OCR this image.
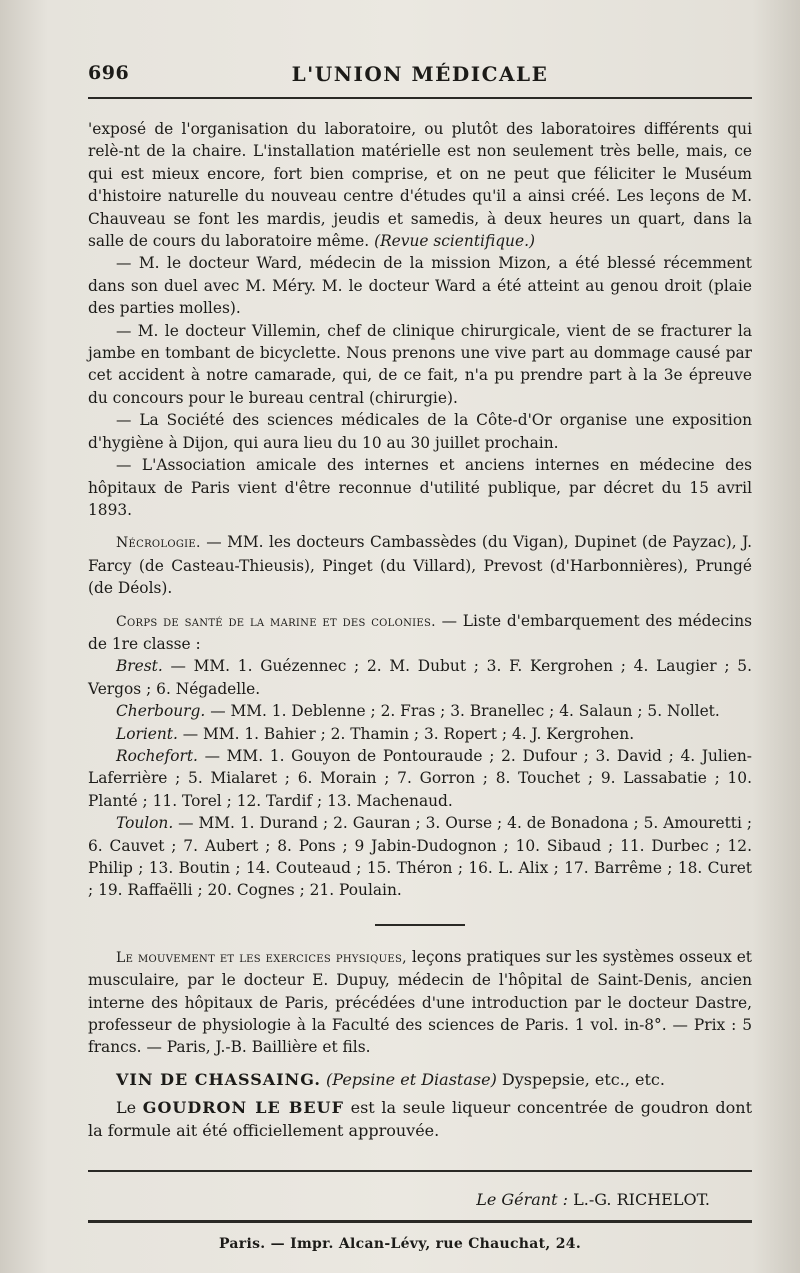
696	L'UNION MÉDICALE

'exposé de l'organisation du laboratoire, ou plutôt des laboratoires différents qui relè-nt de la chaire. L'installation matérielle est non seulement très belle, mais, ce qui est mieux encore, fort bien comprise, et on ne peut que féliciter le Muséum d'histoire naturelle du nouveau centre d'études qu'il a ainsi créé. Les leçons de M. Chauveau se font les mardis, jeudis et samedis, à deux heures un quart, dans la salle de cours du laboratoire même. (Revue scientifique.)

— M. le docteur Ward, médecin de la mission Mizon, a été blessé récemment dans son duel avec M. Méry. M. le docteur Ward a été atteint au genou droit (plaie des parties molles).

— M. le docteur Villemin, chef de clinique chirurgicale, vient de se fracturer la jambe en tombant de bicyclette. Nous prenons une vive part au dommage causé par cet accident à notre camarade, qui, de ce fait, n'a pu prendre part à la 3e épreuve du concours pour le bureau central (chirurgie).

— La Société des sciences médicales de la Côte-d'Or organise une exposition d'hygiène à Dijon, qui aura lieu du 10 au 30 juillet prochain.

— L'Association amicale des internes et anciens internes en médecine des hôpitaux de Paris vient d'être reconnue d'utilité publique, par décret du 15 avril 1893.

Nécrologie. — MM. les docteurs Cambassèdes (du Vigan), Dupinet (de Payzac), J. Farcy (de Casteau-Thieusis), Pinget (du Villard), Prevost (d'Harbonnières), Prungé (de Déols).

Corps de santé de la marine et des colonies. — Liste d'embarquement des médecins de 1re classe :

Brest. — MM. 1. Guézennec ; 2. M. Dubut ; 3. F. Kergrohen ; 4. Laugier ; 5. Vergos ; 6. Négadelle.

Cherbourg. — MM. 1. Deblenne ; 2. Fras ; 3. Branellec ; 4. Salaun ; 5. Nollet.

Lorient. — MM. 1. Bahier ; 2. Thamin ; 3. Ropert ; 4. J. Kergrohen.

Rochefort. — MM. 1. Gouyon de Pontouraude ; 2. Dufour ; 3. David ; 4. Julien-Laferrière ; 5. Mialaret ; 6. Morain ; 7. Gorron ; 8. Touchet ; 9. Lassabatie ; 10. Planté ; 11. Torel ; 12. Tardif ; 13. Machenaud.

Toulon. — MM. 1. Durand ; 2. Gauran ; 3. Ourse ; 4. de Bonadona ; 5. Amouretti ; 6. Cauvet ; 7. Aubert ; 8. Pons ; 9 Jabin-Dudognon ; 10. Sibaud ; 11. Durbec ; 12. Philip ; 13. Boutin ; 14. Couteaud ; 15. Théron ; 16. L. Alix ; 17. Barrême ; 18. Curet ; 19. Raffaëlli ; 20. Cognes ; 21. Poulain.

Le mouvement et les exercices physiques, leçons pratiques sur les systèmes osseux et musculaire, par le docteur E. Dupuy, médecin de l'hôpital de Saint-Denis, ancien interne des hôpitaux de Paris, précédées d'une introduction par le docteur Dastre, professeur de physiologie à la Faculté des sciences de Paris. 1 vol. in-8°. — Prix : 5 francs. — Paris, J.-B. Baillière et fils.

VIN DE CHASSAING. (Pepsine et Diastase) Dyspepsie, etc., etc.

Le GOUDRON LE BEUF est la seule liqueur concentrée de goudron dont la formule ait été officiellement approuvée.

Le Gérant : L.-G. RICHELOT.
Paris. — Impr. Alcan-Lévy, rue Chauchat, 24.
